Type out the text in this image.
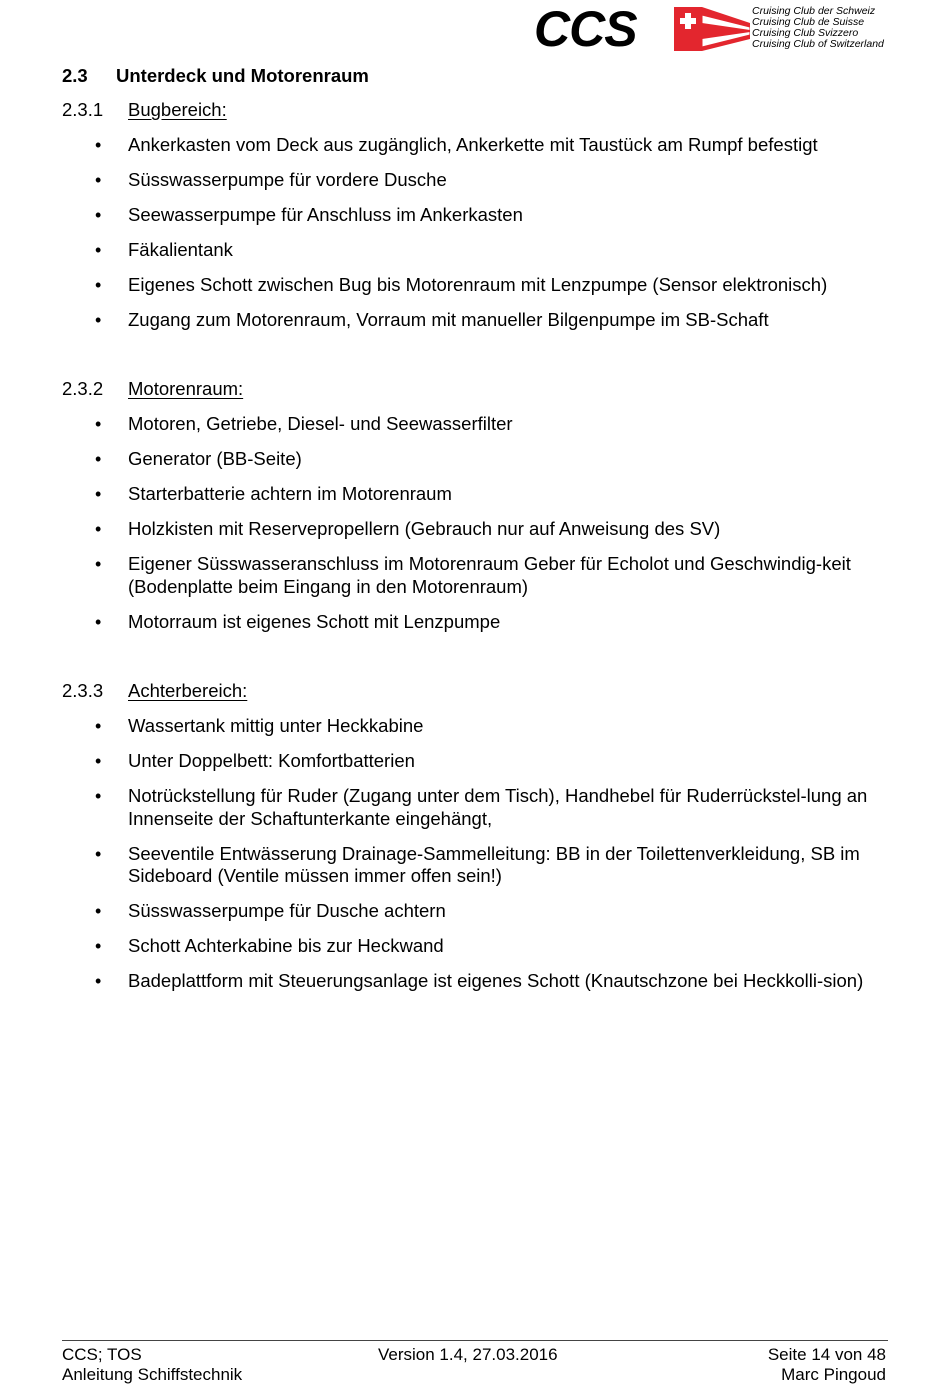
CCS	Cruising Club der Schweiz
Cruising Club de Suisse
Cruising Club Svizzero
Cruising Club of Switzerland
2.3 Unterdeck und Motorenraum
2.3.1 Bugbereich:
• Ankerkasten vom Deck aus zugänglich, Ankerkette mit Taustück am Rumpf befestigt
• Süsswasserpumpe für vordere Dusche
• Seewasserpumpe für Anschluss im Ankerkasten
• Fäkalientank
• Eigenes Schott zwischen Bug bis Motorenraum mit Lenzpumpe (Sensor elektronisch)
• Zugang zum Motorenraum, Vorraum mit manueller Bilgenpumpe im SB-Schaft
2.3.2 Motorenraum:
• Motoren, Getriebe, Diesel- und Seewasserfilter
• Generator (BB-Seite)
• Starterbatterie achtern im Motorenraum
• Holzkisten mit Reservepropellern (Gebrauch nur auf Anweisung des SV)
• Eigener Süsswasseranschluss im Motorenraum Geber für Echolot und Geschwindig-keit (Bodenplatte beim Eingang in den Motorenraum)
• Motorraum ist eigenes Schott mit Lenzpumpe
2.3.3 Achterbereich:
• Wassertank mittig unter Heckkabine
• Unter Doppelbett: Komfortbatterien
• Notrückstellung für Ruder (Zugang unter dem Tisch), Handhebel für Ruderrückstel-lung an Innenseite der Schaftunterkante eingehängt,
• Seeventile Entwässerung Drainage-Sammelleitung: BB in der Toilettenverkleidung, SB im Sideboard (Ventile müssen immer offen sein!)
• Süsswasserpumpe für Dusche achtern
• Schott Achterkabine bis zur Heckwand
• Badeplattform mit Steuerungsanlage ist eigenes Schott (Knautschzone bei Heckkolli-sion)
CCS; TOS
Anleitung Schiffstechnik
Version 1.4, 27.03.2016	Seite 14 von 48
Marc Pingoud
